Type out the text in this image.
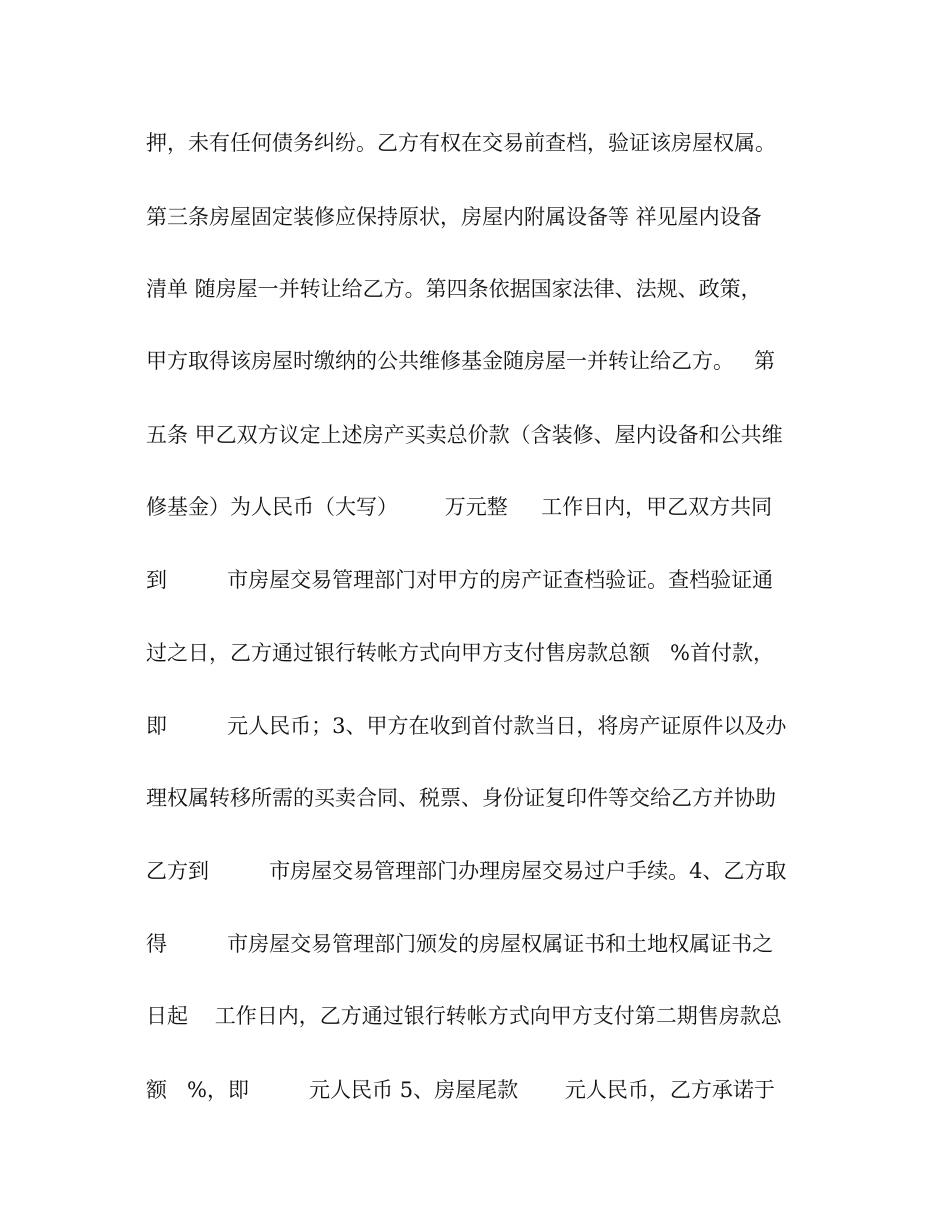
押，未有任何债务纠纷。乙方有权在交易前查档，验证该房屋权属。
第三条房屋固定装修应保持原状，房屋内附属设备等 祥见屋内设备
清单 随房屋一并转让给乙方。第四条依据国家法律、法规、政策，
甲方取得该房屋时缴纳的公共维修基金随房屋一并转让给乙方。   第
五条 甲乙双方议定上述房产买卖总价款（含装修、屋内设备和公共维
修基金）为人民币（大写）       万元整     工作日内，甲乙双方共同
到         市房屋交易管理部门对甲方的房产证查档验证。查档验证通
过之日，乙方通过银行转帐方式向甲方支付售房款总额   %首付款，
即         元人民币；3、甲方在收到首付款当日，将房产证原件以及办
理权属转移所需的买卖合同、税票、身份证复印件等交给乙方并协助
乙方到         市房屋交易管理部门办理房屋交易过户手续。4、乙方取
得         市房屋交易管理部门颁发的房屋权属证书和土地权属证书之
日起    工作日内，乙方通过银行转帐方式向甲方支付第二期售房款总
额   %，即         元人民币 5、房屋尾款       元人民币，乙方承诺于
